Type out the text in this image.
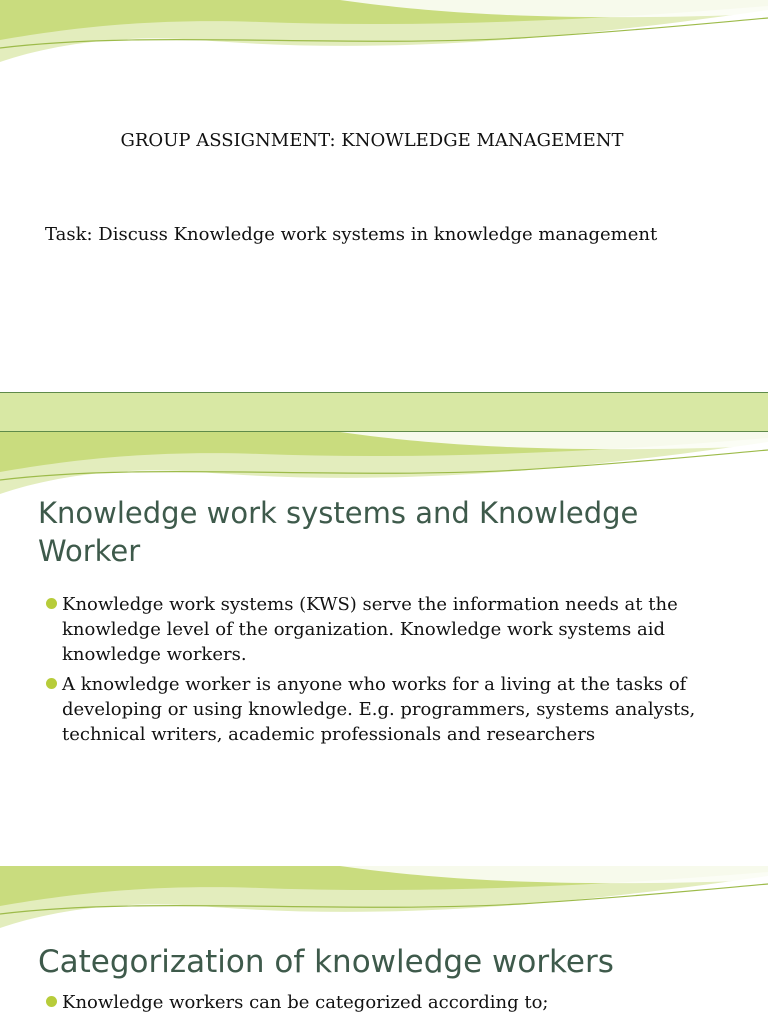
GROUP ASSIGNMENT: KNOWLEDGE MANAGEMENT
Task: Discuss Knowledge work systems in knowledge management
Knowledge work systems and Knowledge Worker
Knowledge work systems (KWS) serve the information needs at the knowledge level of the organization. Knowledge work systems aid knowledge workers.
A knowledge worker is anyone who works for a living at the tasks of developing or using knowledge. E.g. programmers, systems analysts, technical writers, academic professionals and researchers
Categorization of knowledge workers
Knowledge workers can be categorized according to;
